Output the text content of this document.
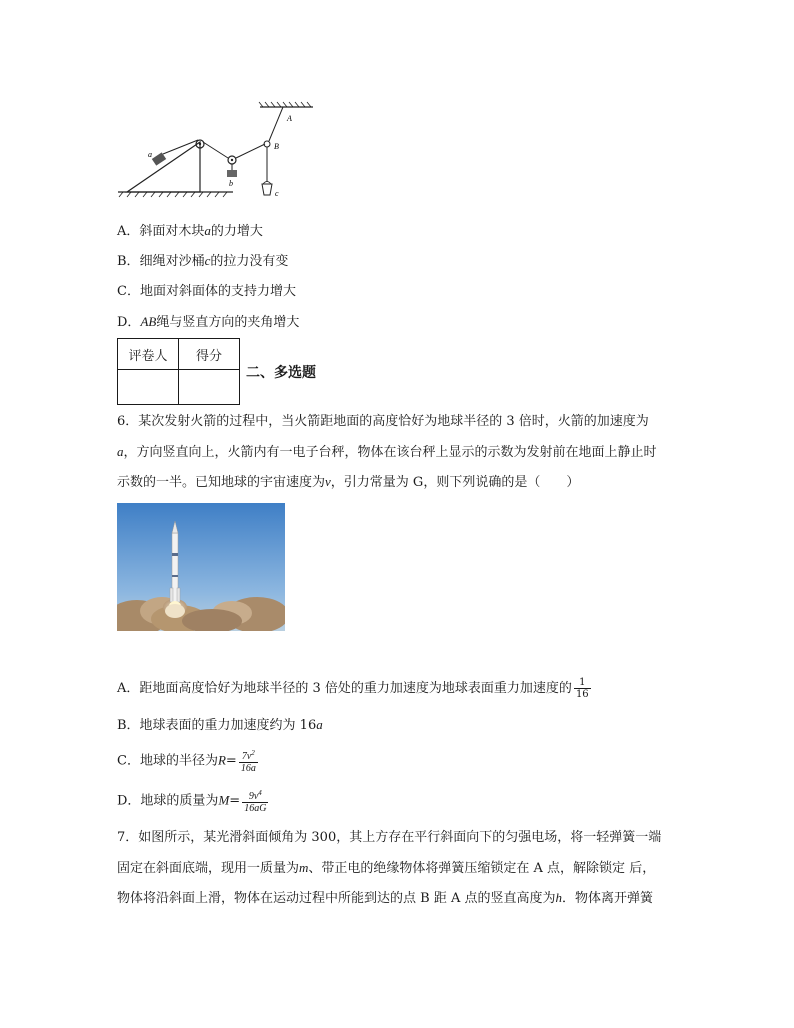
a
b
c
A
B
A．斜面对木块a的力增大
B．细绳对沙桶c的拉力没有变
C．地面对斜面体的支持力增大
D．AB绳与竖直方向的夹角增大
评卷人	得分

二、多选题
6．某次发射火箭的过程中，当火箭距地面的高度恰好为地球半径的 3 倍时，火箭的加速度为
a，方向竖直向上，火箭内有一电子台秤，物体在该台秤上显示的示数为发射前在地面上静止时
示数的一半。已知地球的宇宙速度为v，引力常量为 G，则下列说确的是（　　）
A．距地面高度恰好为地球半径的 3 倍处的重力加速度为地球表面重力加速度的 $\frac{1}{16}$
B．地球表面的重力加速度约为 16a
C．地球的半径为$R= \frac{7v^2}{16a}$
D．地球的质量为$M= \frac{9v^4}{16aG}$
7．如图所示，某光滑斜面倾角为 300，其上方存在平行斜面向下的匀强电场，将一轻弹簧一端
固定在斜面底端，现用一质量为m、带正电的绝缘物体将弹簧压缩锁定在 A 点，解除锁定 后，
物体将沿斜面上滑，物体在运动过程中所能到达的点 B 距 A 点的竖直高度为h．物体离开弹簧
